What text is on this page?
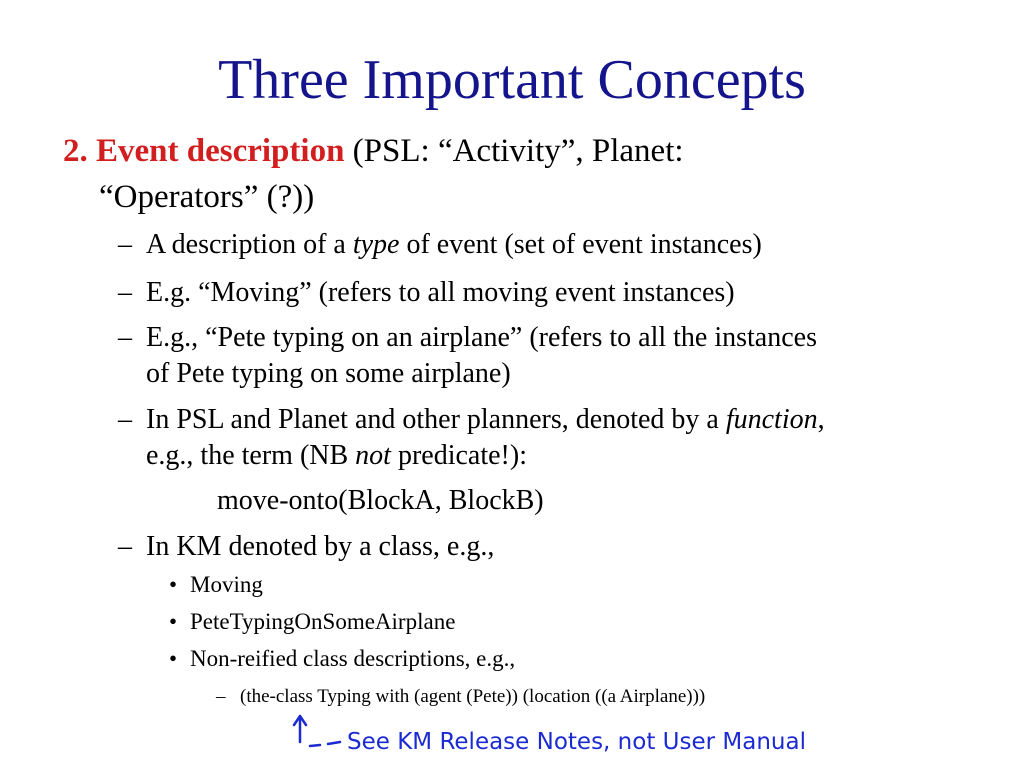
Three Important Concepts
2. Event description (PSL: “Activity”, Planet:
“Operators” (?))
– A description of a type of event (set of event instances)
– E.g. “Moving” (refers to all moving event instances)
– E.g., “Pete typing on an airplane” (refers to all the instances
of Pete typing on some airplane)
– In PSL and Planet and other planners, denoted by a function,
e.g., the term (NB not predicate!):
move-onto(BlockA, BlockB)
– In KM denoted by a class, e.g.,
• Moving
• PeteTypingOnSomeAirplane
• Non-reified class descriptions, e.g.,
– (the-class Typing with (agent (Pete)) (location ((a Airplane)))
See KM Release Notes, not User Manual
